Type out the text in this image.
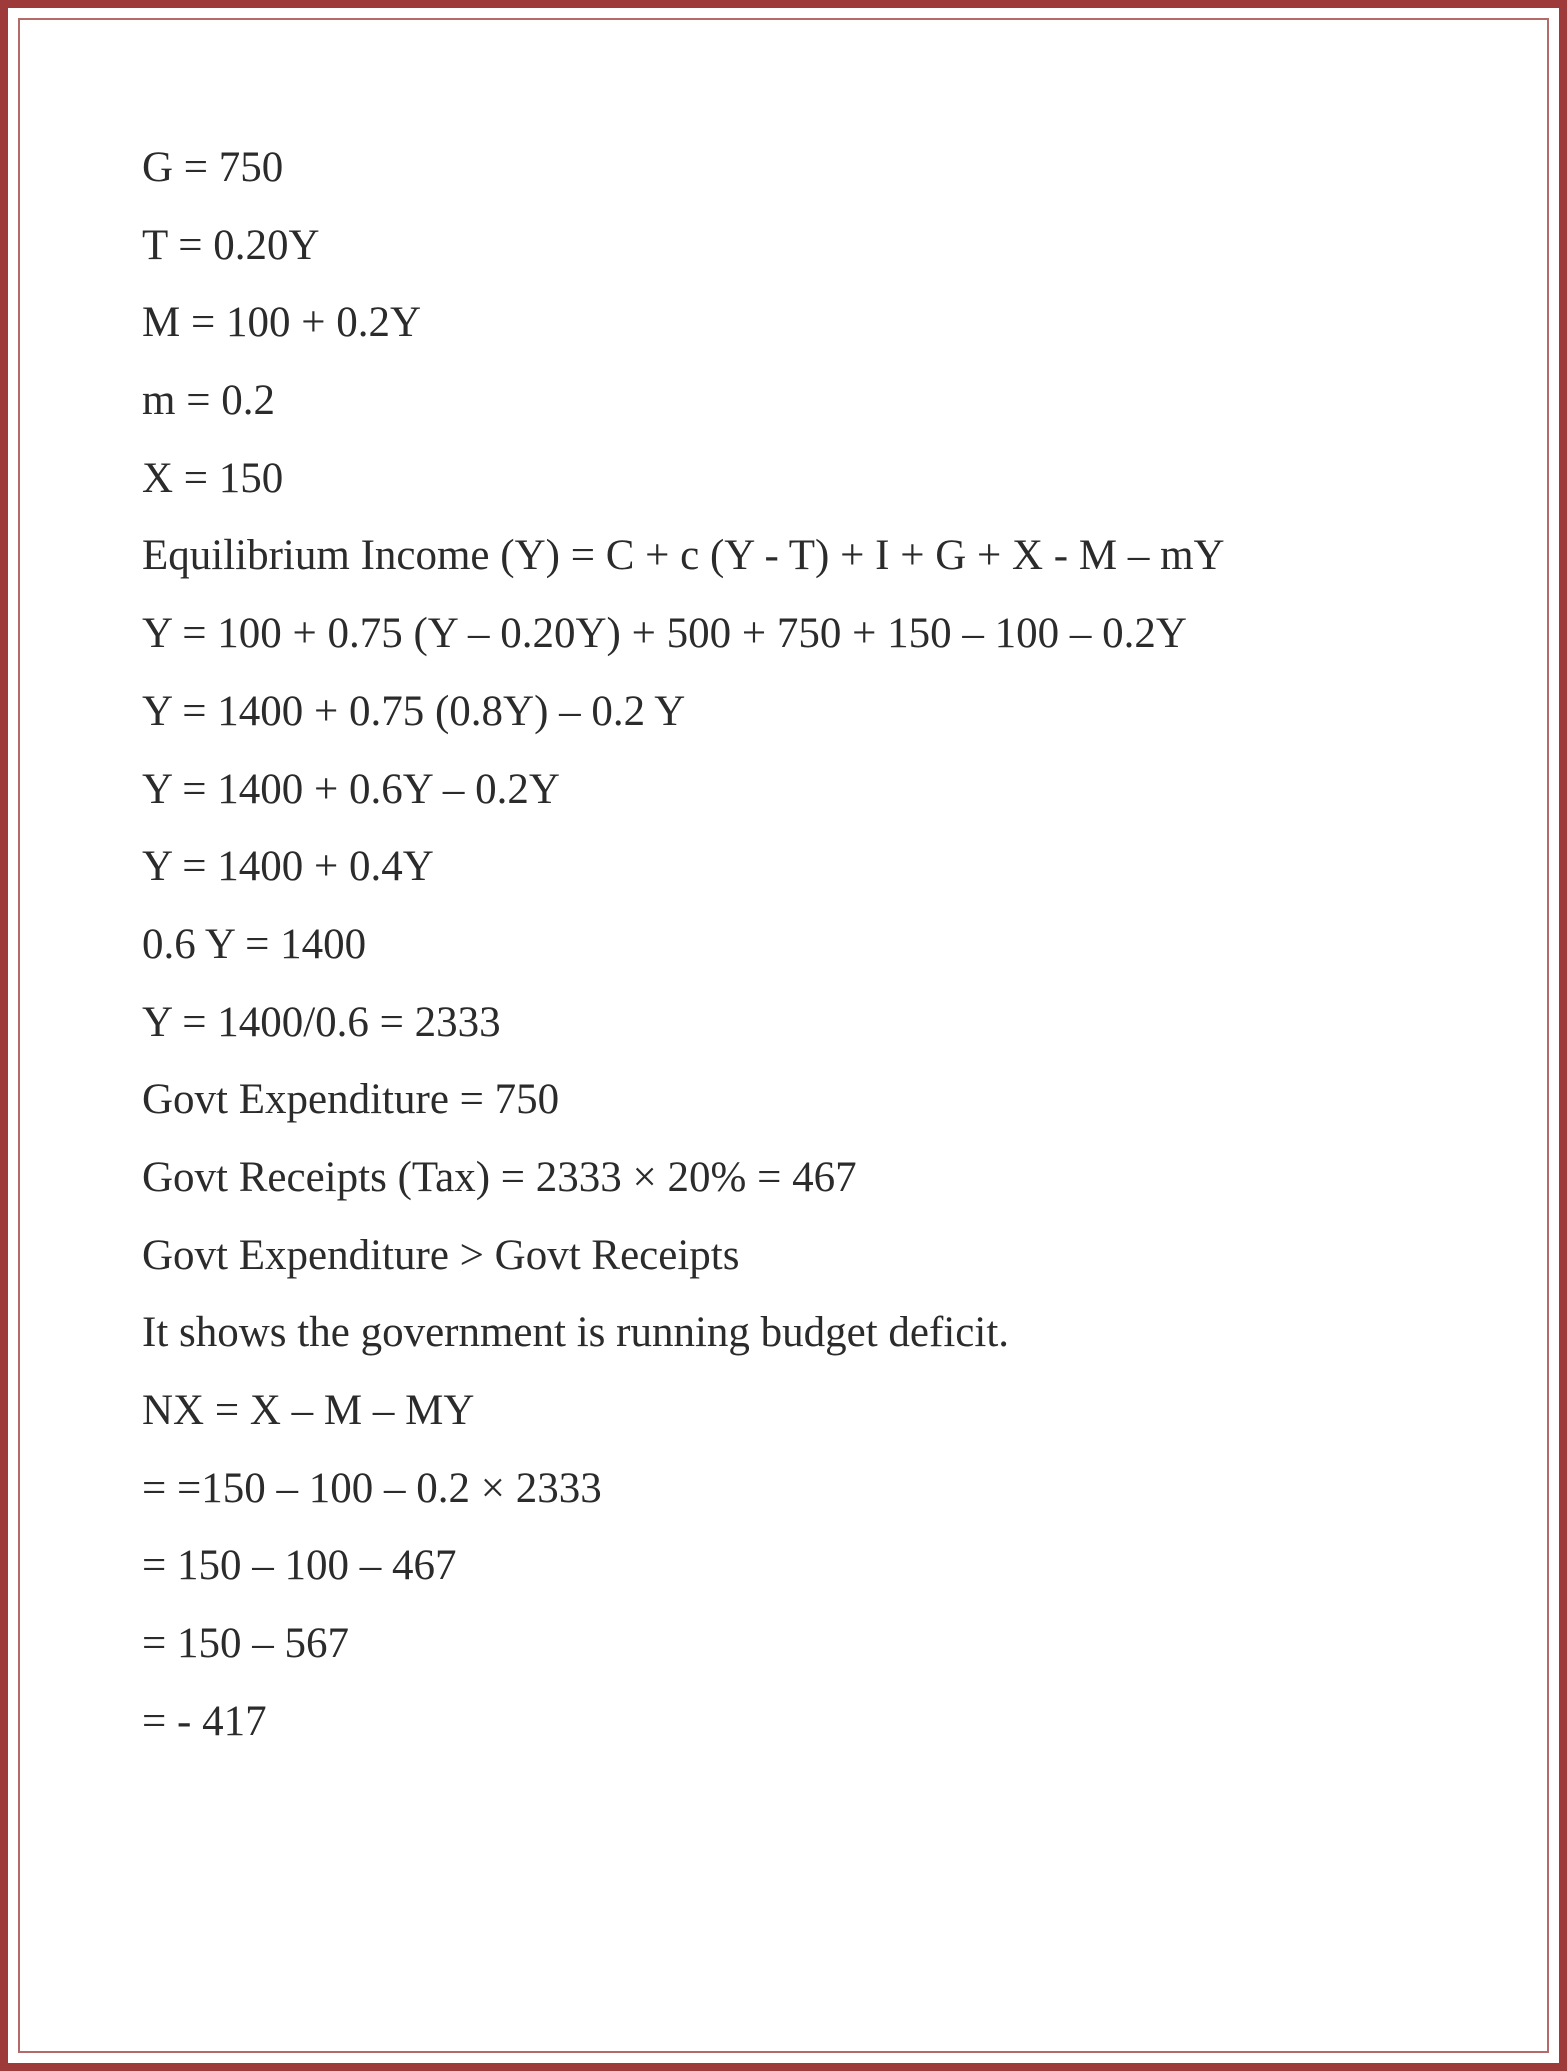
G = 750
T = 0.20Y
M = 100 + 0.2Y
m = 0.2
X = 150
Equilibrium Income (Y) = C + c (Y - T) + I + G + X - M – mY
Y = 100 + 0.75 (Y – 0.20Y) + 500 + 750 + 150 – 100 – 0.2Y
Y = 1400 + 0.75 (0.8Y) – 0.2 Y
Y = 1400 + 0.6Y – 0.2Y
Y = 1400 + 0.4Y
0.6 Y = 1400
Y = 1400/0.6 = 2333
Govt Expenditure = 750
Govt Receipts (Tax) = 2333 × 20% = 467
Govt Expenditure > Govt Receipts
It shows the government is running budget deficit.
NX = X – M – MY
= =150 – 100 – 0.2 × 2333
= 150 – 100 – 467
= 150 – 567
= - 417
